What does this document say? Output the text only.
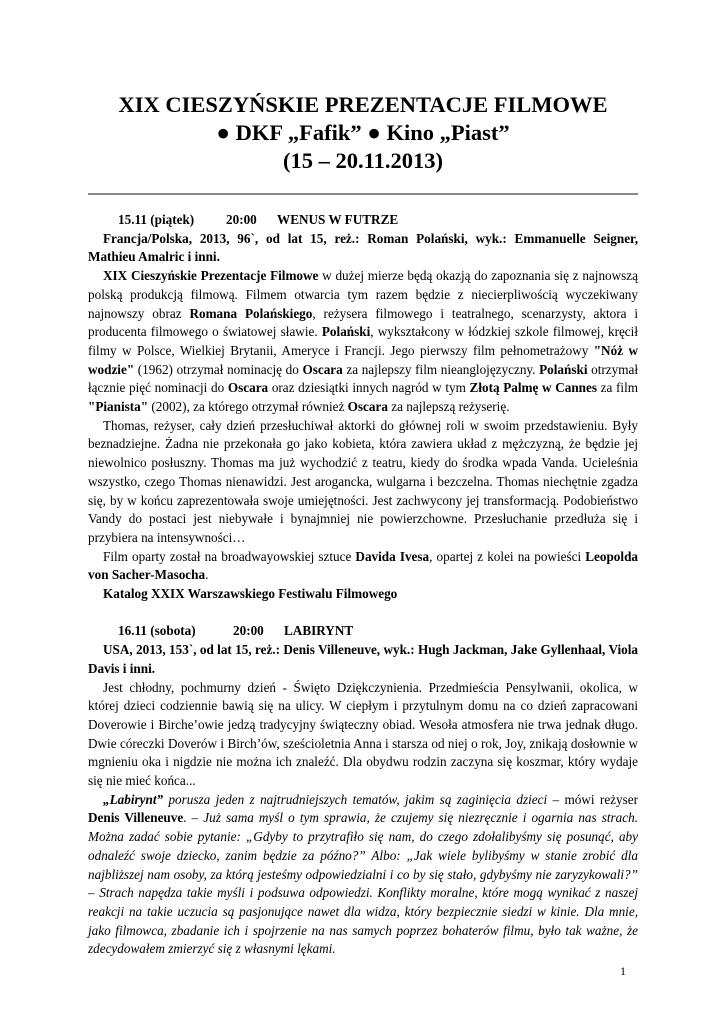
XIX CIESZYŃSKIE PREZENTACJE FILMOWE
● DKF „Fafik” ● Kino „Piast”
(15 – 20.11.2013)

15.11 (piątek) 20:00 WENUS W FUTRZE

Francja/Polska, 2013, 96`, od lat 15, reż.: Roman Polański, wyk.: Emmanuelle Seigner, Mathieu Amalric i inni.

XIX Cieszyńskie Prezentacje Filmowe w dużej mierze będą okazją do zapoznania się z najnowszą polską produkcją filmową. Filmem otwarcia tym razem będzie z niecierpliwością wyczekiwany najnowszy obraz Romana Polańskiego, reżysera filmowego i teatralnego, scenarzysty, aktora i producenta filmowego o światowej sławie. Polański, wykształcony w łódzkiej szkole filmowej, kręcił filmy w Polsce, Wielkiej Brytanii, Ameryce i Francji. Jego pierwszy film pełnometrażowy "Nóż w wodzie" (1962) otrzymał nominację do Oscara za najlepszy film nieanglojęzyczny. Polański otrzymał łącznie pięć nominacji do Oscara oraz dziesiątki innych nagród w tym Złotą Palmę w Cannes za film "Pianista" (2002), za którego otrzymał również Oscara za najlepszą reżyserię.

Thomas, reżyser, cały dzień przesłuchiwał aktorki do głównej roli w swoim przedstawieniu. Były beznadziejne. Żadna nie przekonała go jako kobieta, która zawiera układ z mężczyzną, że będzie jej niewolnico posłuszny. Thomas ma już wychodzić z teatru, kiedy do środka wpada Vanda. Ucieleśnia wszystko, czego Thomas nienawidzi. Jest arogancka, wulgarna i bezczelna. Thomas niechętnie zgadza się, by w końcu zaprezentowała swoje umiejętności. Jest zachwycony jej transformacją. Podobieństwo Vandy do postaci jest niebywałe i bynajmniej nie powierzchowne. Przesłuchanie przedłuża się i przybiera na intensywności…

Film oparty został na broadwayowskiej sztuce Davida Ivesa, opartej z kolei na powieści Leopolda von Sacher-Masocha.

Katalog XXIX Warszawskiego Festiwalu Filmowego

16.11 (sobota)	20:00 LABIRYNT

USA, 2013, 153`, od lat 15, reż.: Denis Villeneuve, wyk.: Hugh Jackman, Jake Gyllenhaal, Viola Davis i inni.

Jest chłodny, pochmurny dzień - Święto Dziękczynienia. Przedmieścia Pensylwanii, okolica, w której dzieci codziennie bawią się na ulicy. W ciepłym i przytulnym domu na co dzień zapracowani Doverowie i Birche’owie jedzą tradycyjny świąteczny obiad. Wesoła atmosfera nie trwa jednak długo. Dwie córeczki Doverów i Birch’ów, sześcioletnia Anna i starsza od niej o rok, Joy, znikają dosłownie w mgnieniu oka i nigdzie nie można ich znaleźć. Dla obydwu rodzin zaczyna się koszmar, który wydaje się nie mieć końca...

„Labirynt” porusza jeden z najtrudniejszych tematów, jakim są zaginięcia dzieci – mówi reżyser Denis Villeneuve. – Już sama myśl o tym sprawia, że czujemy się niezręcznie i ogarnia nas strach. Można zadać sobie pytanie: „Gdyby to przytrafiło się nam, do czego zdołalibyśmy się posunąć, aby odnaleźć swoje dziecko, zanim będzie za późno?” Albo: „Jak wiele bylibyśmy w stanie zrobić dla najbliższej nam osoby, za którą jesteśmy odpowiedzialni i co by się stało, gdybyśmy nie zaryzykowali?” – Strach napędza takie myśli i podsuwa odpowiedzi. Konflikty moralne, które mogą wynikać z naszej reakcji na takie uczucia są pasjonujące nawet dla widza, który bezpiecznie siedzi w kinie. Dla mnie, jako filmowca, zbadanie ich i spojrzenie na nas samych poprzez bohaterów filmu, było tak ważne, że zdecydowałem zmierzyć się z własnymi lękami.

1
